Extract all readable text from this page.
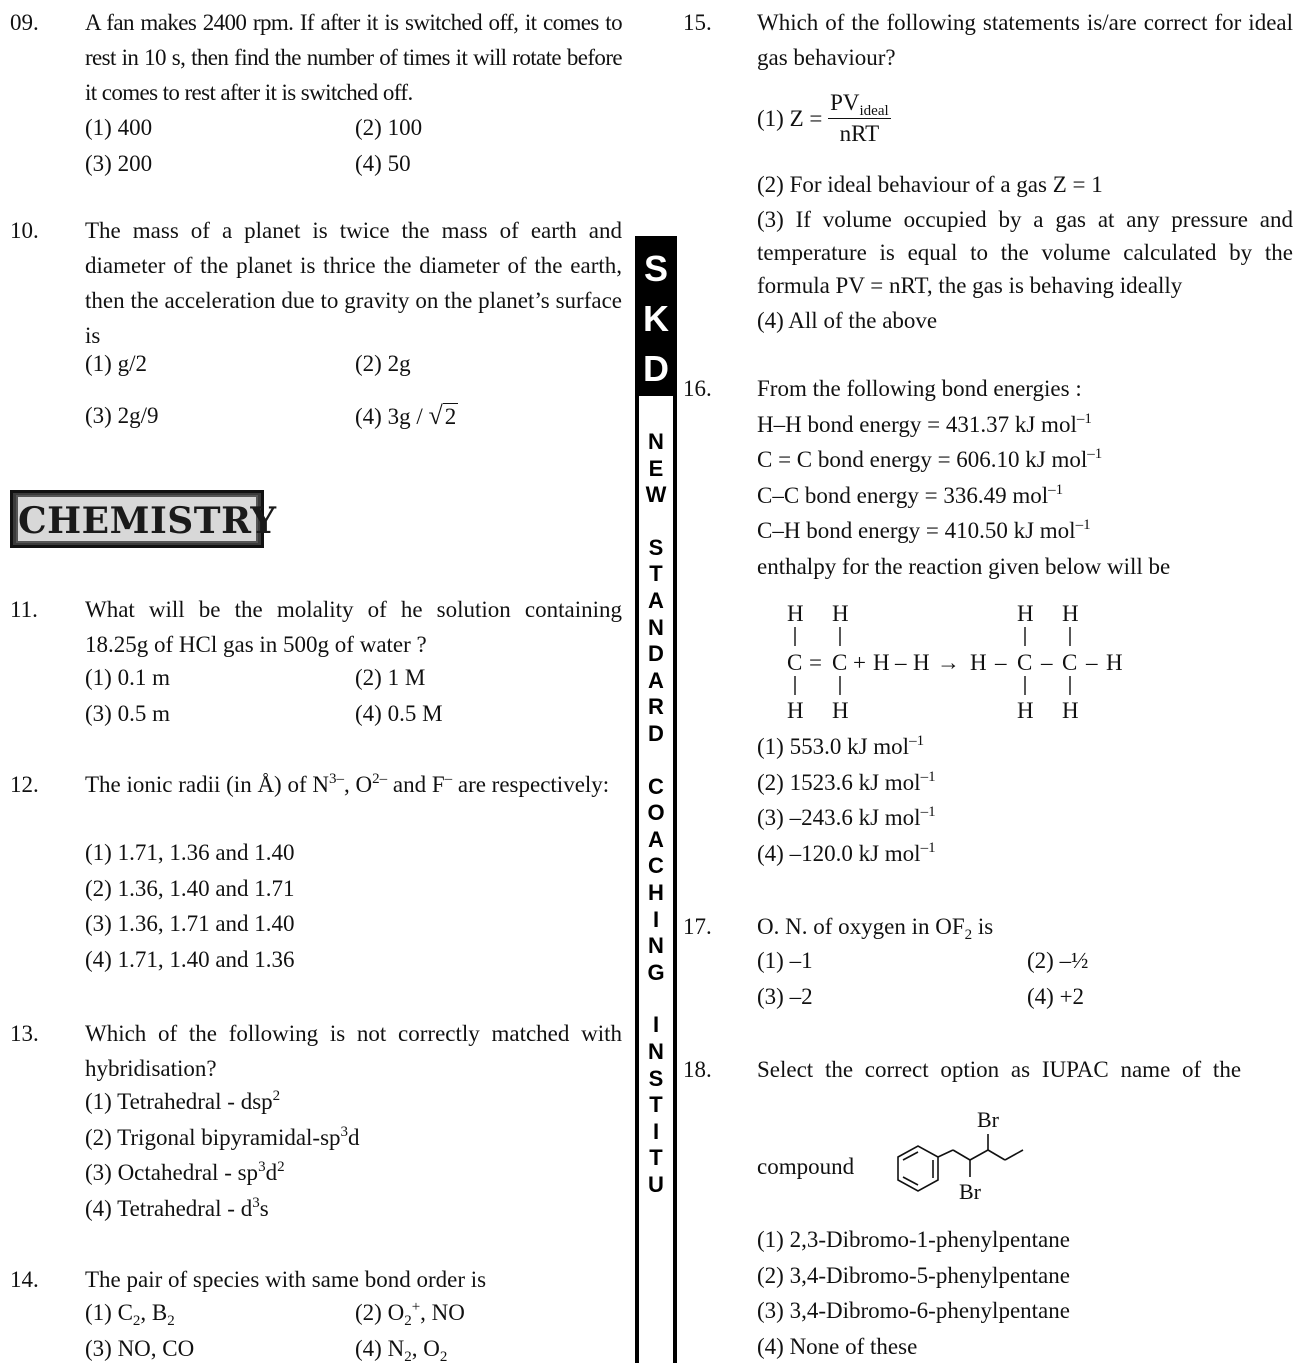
09. A fan makes 2400 rpm. If after it is switched off, it comes to rest in 10 s, then find the number of times it will rotate before it comes to rest after it is switched off.
(1) 400	(2) 100
(3) 200	(4) 50
10. The mass of a planet is twice the mass of earth and diameter of the planet is thrice the diameter of the earth, then the acceleration due to gravity on the planet’s surface is
(1) g/2	(2) 2g
(3) 2g/9	(4) 3g / √2
CHEMISTRY
11. What will be the molality of he solution containing 18.25g of HCl gas in 500g of water ?
(1) 0.1 m	(2) 1 M
(3) 0.5 m	(4) 0.5 M
12. The ionic radii (in Å) of $N^{3-}$, $O^{2-}$ and F– are respectively:
(1) 1.71, 1.36 and 1.40
(2) 1.36, 1.40 and 1.71
(3) 1.36, 1.71 and 1.40
(4) 1.71, 1.40 and 1.36
13. Which of the following is not correctly matched with hybridisation?
(1) Tetrahedral - dsp$^2$
(2) Trigonal bipyramidal-$sp^3d$
(3) Octahedral - $sp^3d^2$
(4) Tetrahedral - $d^3s$
14. The pair of species with same bond order is
(1) $C_2$, $B_2$	(2) $O_2^+$, NO
(3) NO, CO	(4) $N_2$, $O_2$
S
K
D
N
E
W
S
T
A
N
D
A
R
D
C
O
A
C
H
I
N
G
I
N
S
T
I
T
U
15. Which of the following statements is/are correct for ideal gas behaviour?
(1) $Z = \frac{PV_{ideal}}{\text{nRT}}$
(2) For ideal behaviour of a gas Z = 1
(3) If volume occupied by a gas at any pressure and temperature is equal to the volume calculated by the formula PV = nRT, the gas is behaving ideally
(4) All of the above
16. From the following bond energies :
H–H bond energy = 431.37 kJ mol$^{-1}$
C = C bond energy = 606.10 kJ mol$^{-1}$
C–C bond energy = 336.49 mol$^{-1}$
C–H bond energy = 410.50 kJ mol$^{-1}$
enthalpy for the reaction given below will be
H H
C = C + H – H → H – C – C – H
H H
H H
H H
(1) 553.0 kJ mol$^{-1}$
(2) 1523.6 kJ mol$^{-1}$
(3) –243.6 kJ mol$^{-1}$
(4) –120.0 kJ mol$^{-1}$
17. O. N. of oxygen in $OF_2$ is
(1) –1	(2) –½
(3) –2	(4) +2
18. Select the correct option as IUPAC name of the
compound
Br
Br
(1) 2,3-Dibromo-1-phenylpentane
(2) 3,4-Dibromo-5-phenylpentane
(3) 3,4-Dibromo-6-phenylpentane
(4) None of these
